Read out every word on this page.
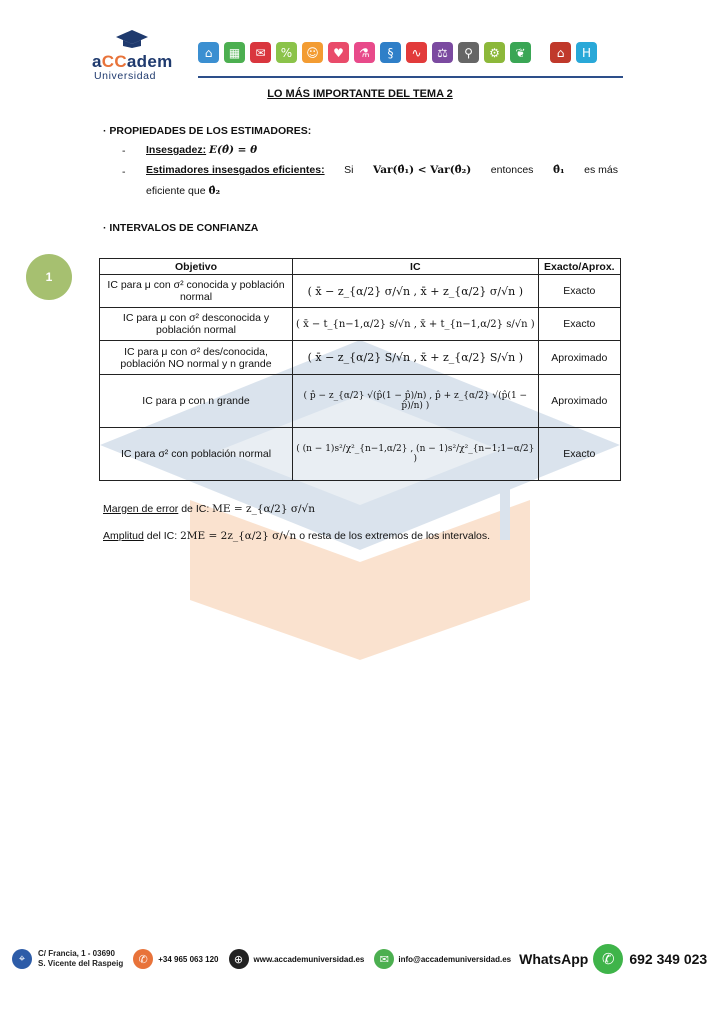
aCCadem
Universidad
⌂	▦	✉	%	☺	♥	⚗	§	∿	⚖	⚲	⚙	❦	⌂	H
LO MÁS IMPORTANTE DEL TEMA 2
· PROPIEDADES DE LOS ESTIMADORES:
- Insesgadez: E(θ̂) = θ
- Estimadores insesgados eficientes: Si Var(θ̂₁) < Var(θ̂₂) entonces θ̂₁ es más
eficiente que θ̂₂
· INTERVALOS DE CONFIANZA
1
Objetivo	IC	Exacto/Aprox.
IC para μ con σ² conocida y población normal	( x̄ − z_{α/2} σ/√n , x̄ + z_{α/2} σ/√n )	Exacto
IC para μ con σ² desconocida y población normal	( x̄ − t_{n−1,α/2} s/√n , x̄ + t_{n−1,α/2} s/√n )	Exacto
IC para μ con σ² des/conocida, población NO normal y n grande	( x̄ − z_{α/2} S/√n , x̄ + z_{α/2} S/√n )	Aproximado
IC para p con n grande	( p̂ − z_{α/2} √(p̂(1 − p̂)/n) , p̂ + z_{α/2} √(p̂(1 − p̂)/n) )	Aproximado
IC para σ² con población normal	( (n − 1)s²/χ²_{n−1,α/2} , (n − 1)s²/χ²_{n−1;1−α/2} )	Exacto
Margen de error de IC: ME = z_{α/2} σ/√n
Amplitud del IC: 2ME = 2z_{α/2} σ/√n o resta de los extremos de los intervalos.
⌖	C/ Francia, 1 - 03690
S. Vicente del Raspeig	✆	+34 965 063 120	⊕	www.accademuniversidad.es	✉	info@accademuniversidad.es WhatsApp ✆	692 349 023
